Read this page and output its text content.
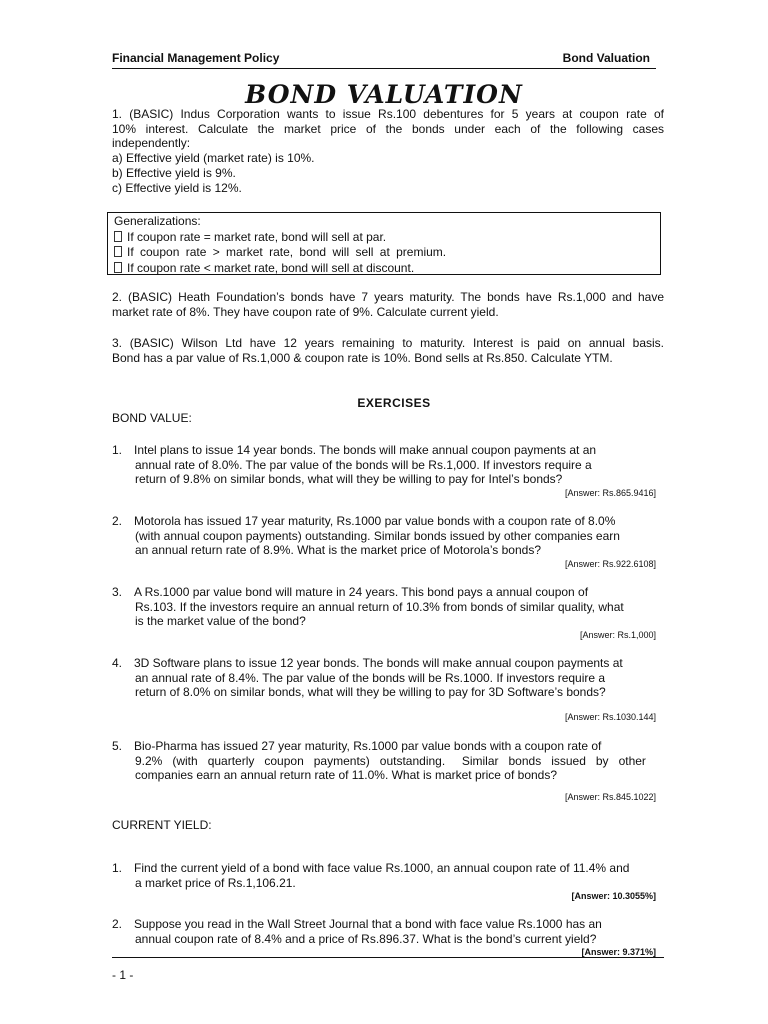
Financial Management Policy	Bond Valuation
BOND VALUATION
1. (BASIC) Indus Corporation wants to issue Rs.100 debentures for 5 years at coupon rate of
10% interest. Calculate the market price of the bonds under each of the following cases
independently:
a) Effective yield (market rate) is 10%.
b) Effective yield is 9%.
c) Effective yield is 12%.
Generalizations:
If coupon rate = market rate, bond will sell at par.
If coupon rate > market rate, bond will sell at premium.
If coupon rate < market rate, bond will sell at discount.
2. (BASIC) Heath Foundation’s bonds have 7 years maturity. The bonds have Rs.1,000 and have
market rate of 8%. They have coupon rate of 9%. Calculate current yield.
3. (BASIC) Wilson Ltd have 12 years remaining to maturity. Interest is paid on annual basis.
Bond has a par value of Rs.1,000 & coupon rate is 10%. Bond sells at Rs.850. Calculate YTM.
EXERCISES
BOND VALUE:
1. Intel plans to issue 14 year bonds. The bonds will make annual coupon payments at an
annual rate of 8.0%. The par value of the bonds will be Rs.1,000. If investors require a
return of 9.8% on similar bonds, what will they be willing to pay for Intel’s bonds?
[Answer: Rs.865.9416]
2. Motorola has issued 17 year maturity, Rs.1000 par value bonds with a coupon rate of 8.0%
(with annual coupon payments) outstanding. Similar bonds issued by other companies earn
an annual return rate of 8.9%. What is the market price of Motorola’s bonds?
[Answer: Rs.922.6108]
3. A Rs.1000 par value bond will mature in 24 years. This bond pays a annual coupon of
Rs.103. If the investors require an annual return of 10.3% from bonds of similar quality, what
is the market value of the bond?
[Answer: Rs.1,000]
4. 3D Software plans to issue 12 year bonds. The bonds will make annual coupon payments at
an annual rate of 8.4%. The par value of the bonds will be Rs.1000. If investors require a
return of 8.0% on similar bonds, what will they be willing to pay for 3D Software’s bonds?
[Answer: Rs.1030.144]
5. Bio-Pharma has issued 27 year maturity, Rs.1000 par value bonds with a coupon rate of
9.2%   (with   quarterly   coupon   payments)   outstanding.     Similar   bonds   issued   by   other
companies earn an annual return rate of 11.0%. What is market price of bonds?
[Answer: Rs.845.1022]
CURRENT YIELD:
1. Find the current yield of a bond with face value Rs.1000, an annual coupon rate of 11.4% and
a market price of Rs.1,106.21.
[Answer: 10.3055%]
2. Suppose you read in the Wall Street Journal that a bond with face value Rs.1000 has an
annual coupon rate of 8.4% and a price of Rs.896.37. What is the bond’s current yield?
[Answer: 9.371%]
- 1 -
